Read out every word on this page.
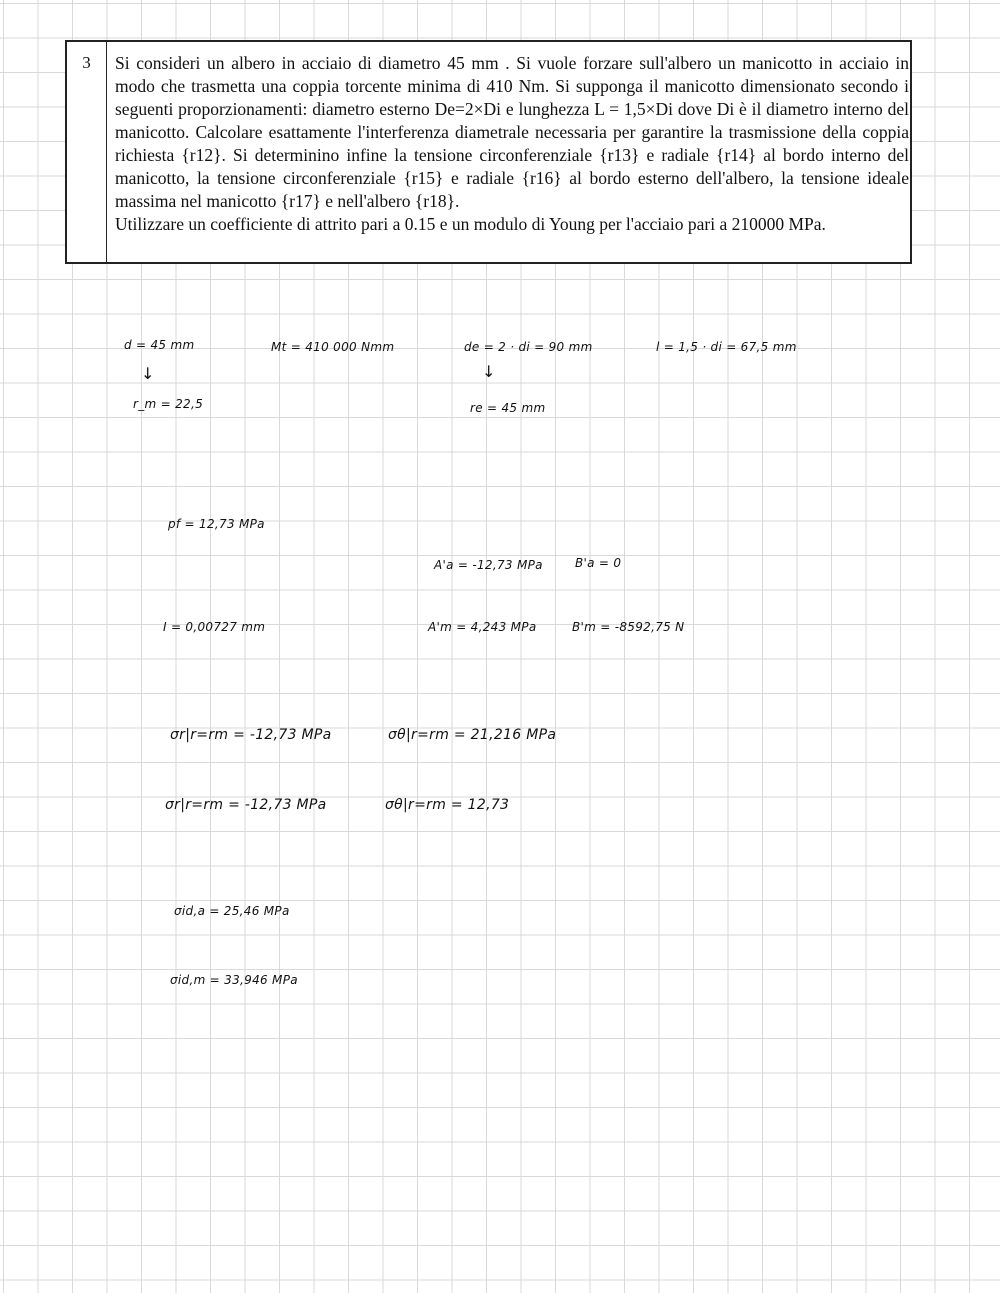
3	Si consideri un albero in acciaio di diametro 45 mm . Si vuole forzare sull'albero un manicotto in acciaio in modo che trasmetta una coppia torcente minima di 410 Nm. Si supponga il manicotto dimensionato secondo i seguenti proporzionamenti: diametro esterno De=2×Di e lunghezza L = 1,5×Di dove Di è il diametro interno del manicotto. Calcolare esattamente l'interferenza diametrale necessaria per garantire la trasmissione della coppia richiesta {r12}. Si determinino infine la tensione circonferenziale {r13} e radiale {r14} al bordo interno del manicotto, la tensione circonferenziale {r15} e radiale {r16} al bordo esterno dell'albero, la tensione ideale massima nel manicotto {r17} e nell'albero {r18}.

Utilizzare un coefficiente di attrito pari a 0.15 e un modulo di Young per l'acciaio pari a 210000 MPa.

d = 45 mm
↓
r_m = 22,5
Mt = 410 000 Nmm	de = 2 · di = 90 mm
↓
re = 45 mm
l = 1,5 · di = 67,5 mm
pf = 12,73 MPa
A'a = -12,73 MPa	B'a = 0
I = 0,00727 mm	A'm = 4,243 MPa	B'm = -8592,75 N
σr|r=rm = -12,73 MPa	σθ|r=rm = 21,216 MPa
σr|r=rm = -12,73 MPa	σθ|r=rm = 12,73
σid,a = 25,46 MPa
σid,m = 33,946 MPa
